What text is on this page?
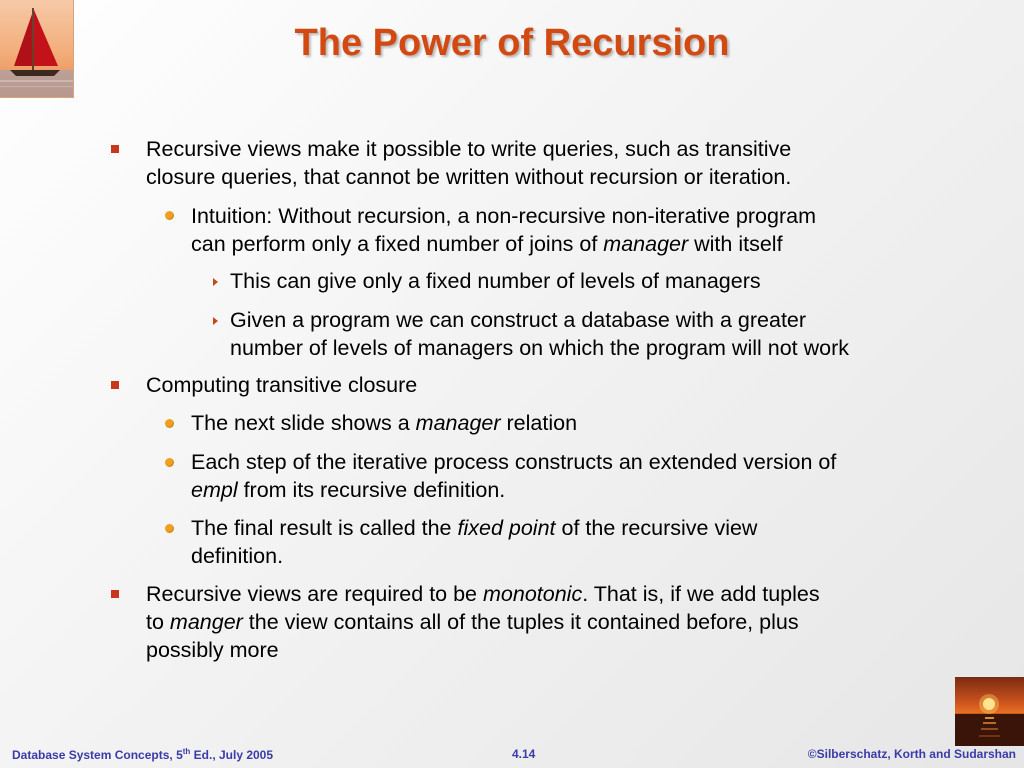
The Power of Recursion
Recursive views make it possible to write queries, such as transitive
closure queries, that cannot be written without recursion or iteration.
Intuition: Without recursion, a non-recursive non-iterative program
can perform only a fixed number of joins of manager with itself
This can give only a fixed number of levels of managers
Given a program we can construct a database with a greater
number of levels of managers on which the program will not work
Computing transitive closure
The next slide shows a manager relation
Each step of the iterative process constructs an extended version of
empl from its recursive definition.
The final result is called the fixed point of the recursive view
definition.
Recursive views are required to be monotonic. That is, if we add tuples
to manger the view contains all of the tuples it contained before, plus
possibly more
Database System Concepts, 5th Ed., July 2005	4.14	©Silberschatz, Korth and Sudarshan
